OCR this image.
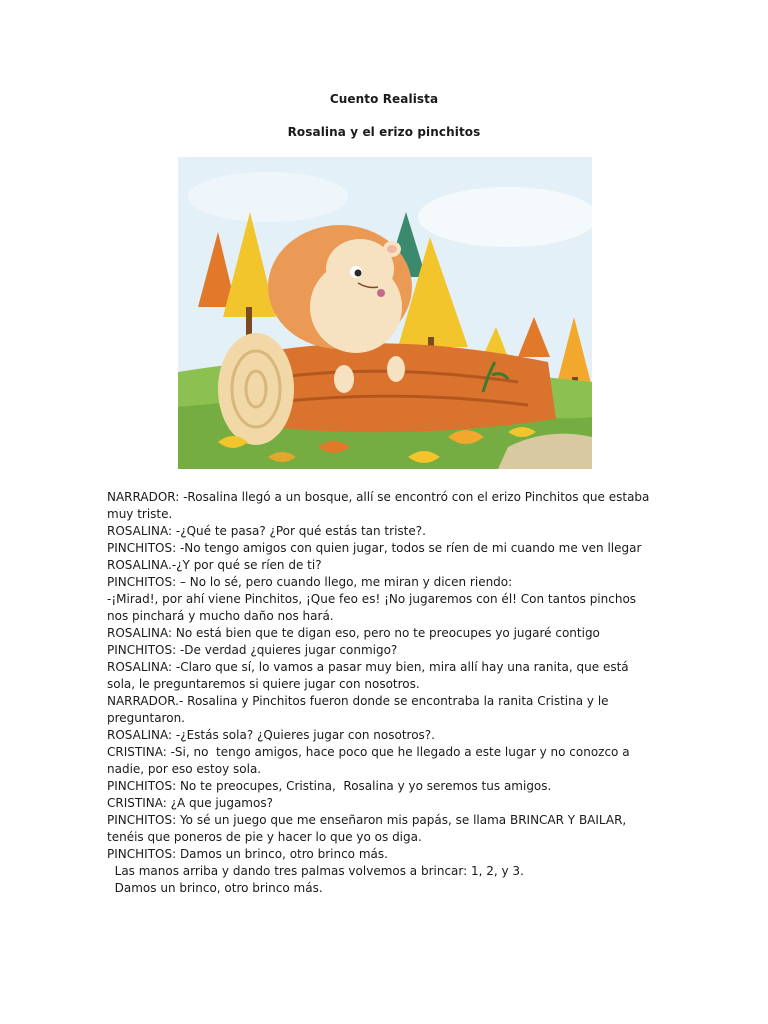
Cuento Realista
Rosalina y el erizo pinchitos
NARRADOR: -Rosalina llegó a un bosque, allí se encontró con el erizo Pinchitos que estaba
muy triste.
ROSALINA: -¿Qué te pasa? ¿Por qué estás tan triste?.
PINCHITOS: -No tengo amigos con quien jugar, todos se ríen de mi cuando me ven llegar
ROSALINA.-¿Y por qué se ríen de ti?
PINCHITOS: – No lo sé, pero cuando llego, me miran y dicen riendo:
-¡Mirad!, por ahí viene Pinchitos, ¡Que feo es! ¡No jugaremos con él! Con tantos pinchos
nos pinchará y mucho daño nos hará.
ROSALINA: No está bien que te digan eso, pero no te preocupes yo jugaré contigo
PINCHITOS: -De verdad ¿quieres jugar conmigo?
ROSALINA: -Claro que sí, lo vamos a pasar muy bien, mira allí hay una ranita, que está
sola, le preguntaremos si quiere jugar con nosotros.
NARRADOR.- Rosalina y Pinchitos fueron donde se encontraba la ranita Cristina y le
preguntaron.
ROSALINA: -¿Estás sola? ¿Quieres jugar con nosotros?.
CRISTINA: -Si, no  tengo amigos, hace poco que he llegado a este lugar y no conozco a
nadie, por eso estoy sola.
PINCHITOS: No te preocupes, Cristina,  Rosalina y yo seremos tus amigos.
CRISTINA: ¿A que jugamos?
PINCHITOS: Yo sé un juego que me enseñaron mis papás, se llama BRINCAR Y BAILAR,
tenéis que poneros de pie y hacer lo que yo os diga.
PINCHITOS: Damos un brinco, otro brinco más.
Las manos arriba y dando tres palmas volvemos a brincar: 1, 2, y 3.
Damos un brinco, otro brinco más.
